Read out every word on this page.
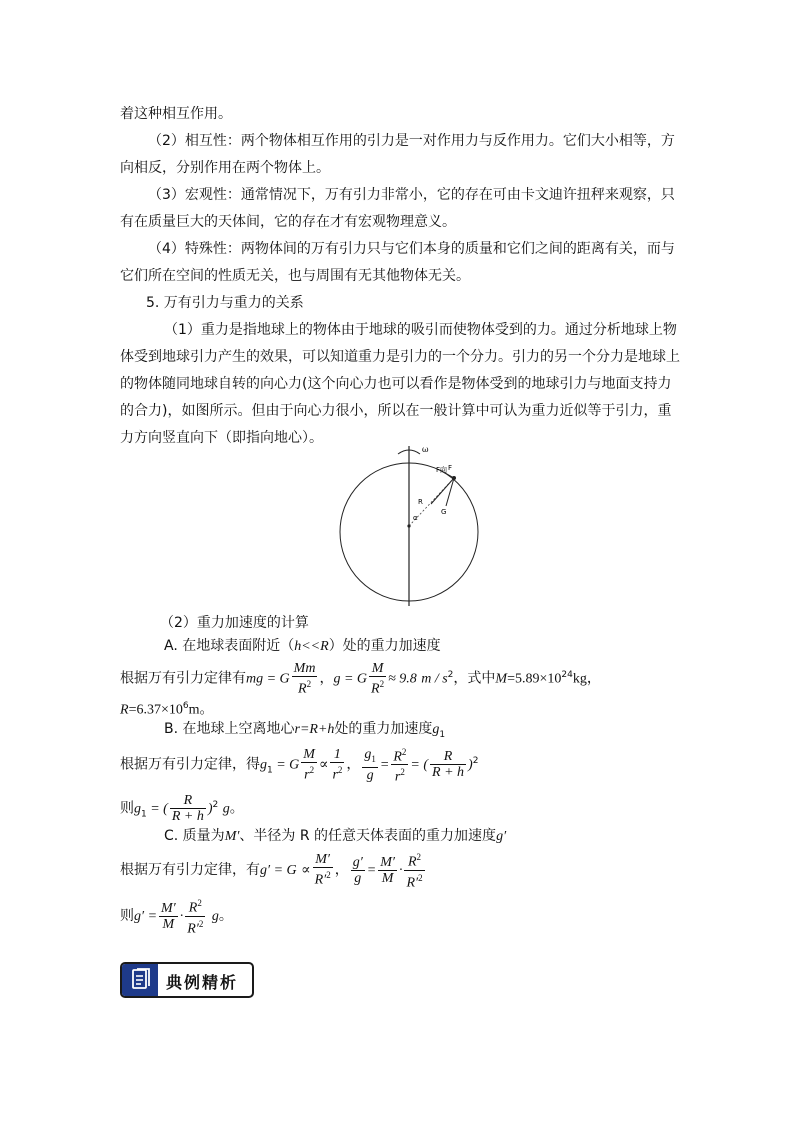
着这种相互作用。
（2）相互性：两个物体相互作用的引力是一对作用力与反作用力。它们大小相等，方
向相反，分别作用在两个物体上。
（3）宏观性：通常情况下，万有引力非常小，它的存在可由卡文迪许扭秤来观察，只
有在质量巨大的天体间，它的存在才有宏观物理意义。
（4）特殊性：两物体间的万有引力只与它们本身的质量和它们之间的距离有关，而与
它们所在空间的性质无关，也与周围有无其他物体无关。
5. 万有引力与重力的关系
（1）重力是指地球上的物体由于地球的吸引而使物体受到的力。通过分析地球上物
体受到地球引力产生的效果，可以知道重力是引力的一个分力。引力的另一个分力是地球上
的物体随同地球自转的向心力(这个向心力也可以看作是物体受到的地球引力与地面支持力
的合力)，如图所示。但由于向心力很小，所以在一般计算中可认为重力近似等于引力，重
力方向竖直向下（即指向地心）。
ω
F向 F
R
α
G
（2）重力加速度的计算
A. 在地球表面附近（h<<R）处的重力加速度
根据万有引力定律有mg = G $\frac{Mm}{R^2}$ ，g = G $\frac{M}{R^2} \approx 9.8$ m / $s^2$，式中$M=5.89\times 10^{24}kg$，
$R=6.37\times 10^6m$。
B. 在地球上空离地心r=R+h处的重力加速度$g_1$
根据万有引力定律，得$g_1 = G \frac{M}{r^2} \propto \frac{1}{r^2}$ ， $\frac{g_1}{g} = \frac{R^2}{r^2}$ = ( $\frac{R}{R + h} )^2$
则$g_1$ = ( $\frac{R}{R + h} )^2$ g。
C. 质量为M′、半径为 R 的任意天体表面的重力加速度g′
根据万有引力定律，有$g' = G \propto \frac{M'}{R'^2}$ ， $\frac{g'}{g} = \frac{M'}{M} \cdot \frac{R^2}{R'^2}$
则$g' = \frac{M'}{M} \cdot \frac{R^2}{R'^2}$ g。
典例精析
